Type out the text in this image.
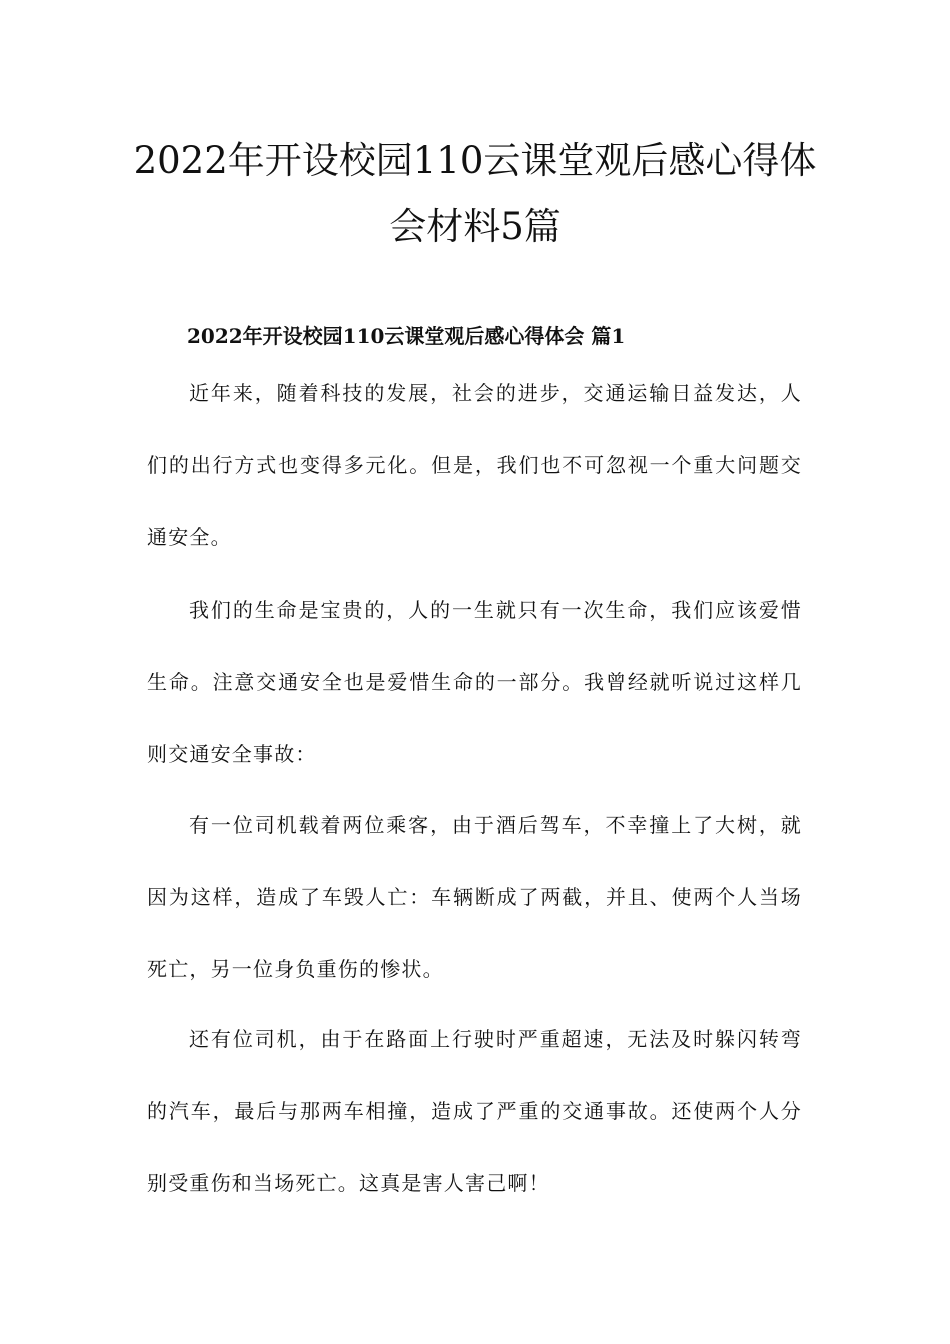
2022年开设校园110云课堂观后感心得体
会材料5篇
2022年开设校园110云课堂观后感心得体会 篇1

近年来，随着科技的发展，社会的进步，交通运输日益发达，人们的出行方式也变得多元化。但是，我们也不可忽视一个重大问题交通安全。

我们的生命是宝贵的，人的一生就只有一次生命，我们应该爱惜生命。注意交通安全也是爱惜生命的一部分。我曾经就听说过这样几则交通安全事故：

有一位司机载着两位乘客，由于酒后驾车，不幸撞上了大树，就因为这样，造成了车毁人亡：车辆断成了两截，并且、使两个人当场死亡，另一位身负重伤的惨状。

还有位司机，由于在路面上行驶时严重超速，无法及时躲闪转弯的汽车，最后与那两车相撞，造成了严重的交通事故。还使两个人分别受重伤和当场死亡。这真是害人害己啊！
